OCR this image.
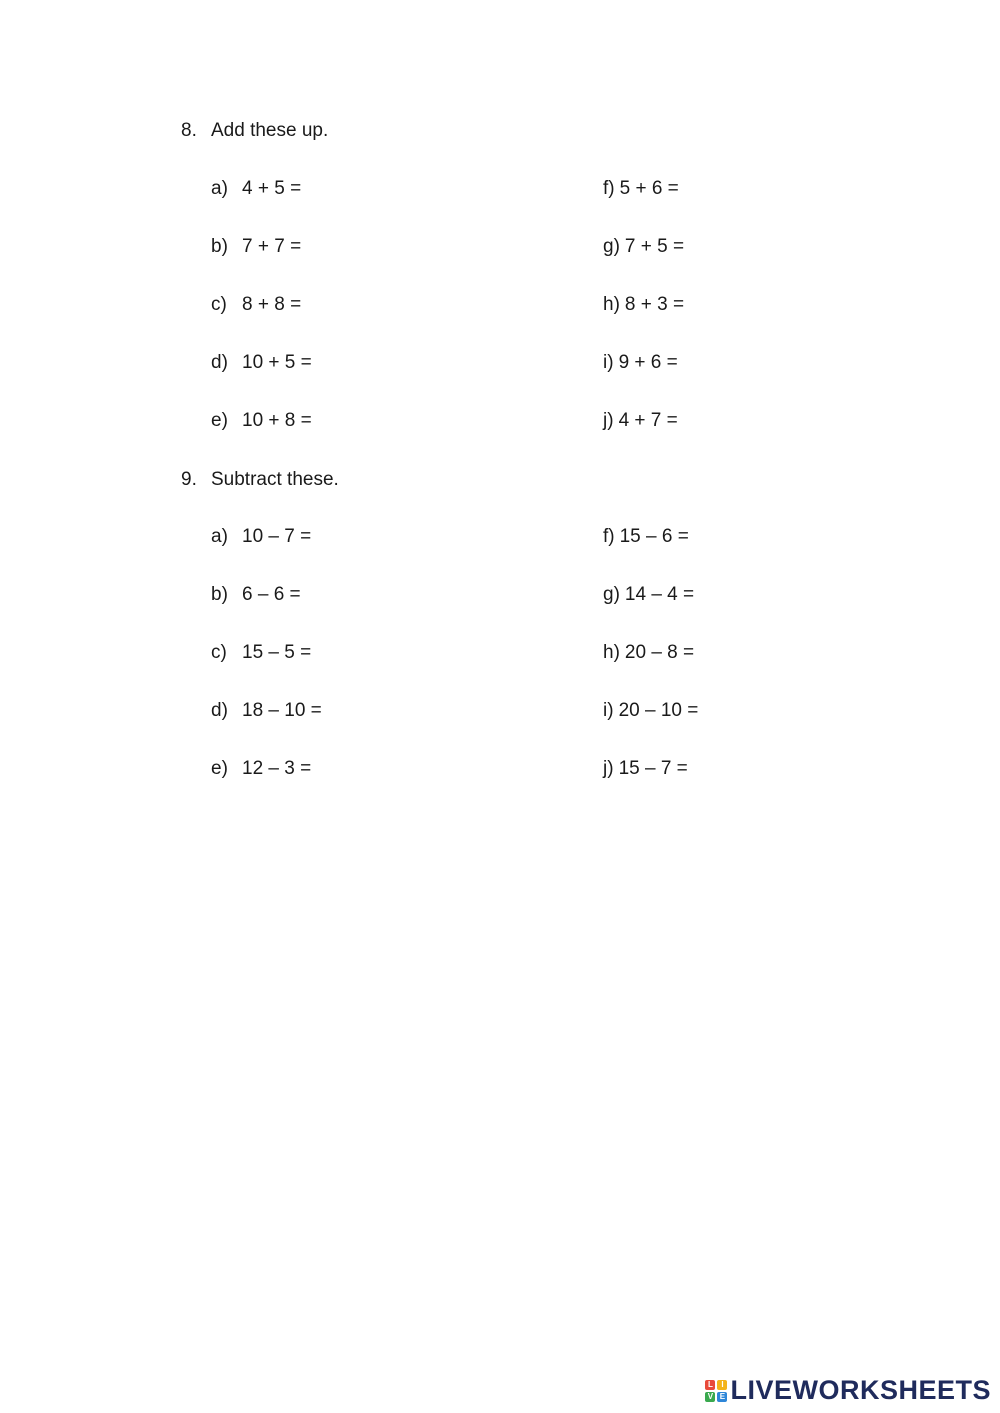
8. Add these up.
a) 4 + 5 =
b) 7 + 7 =
c) 8 + 8 =
d) 10 + 5 =
e) 10 + 8 =
f) 5 + 6 =
g) 7 + 5 =
h) 8 + 3 =
i) 9 + 6 =
j) 4 + 7 =
9. Subtract these.
a) 10 – 7 =
b) 6 – 6 =
c) 15 – 5 =
d) 18 – 10 =
e) 12 – 3 =
f) 15 – 6 =
g) 14 – 4 =
h) 20 – 8 =
i) 20 – 10 =
j) 15 – 7 =
L	I
V E LIVEWORKSHEETS
